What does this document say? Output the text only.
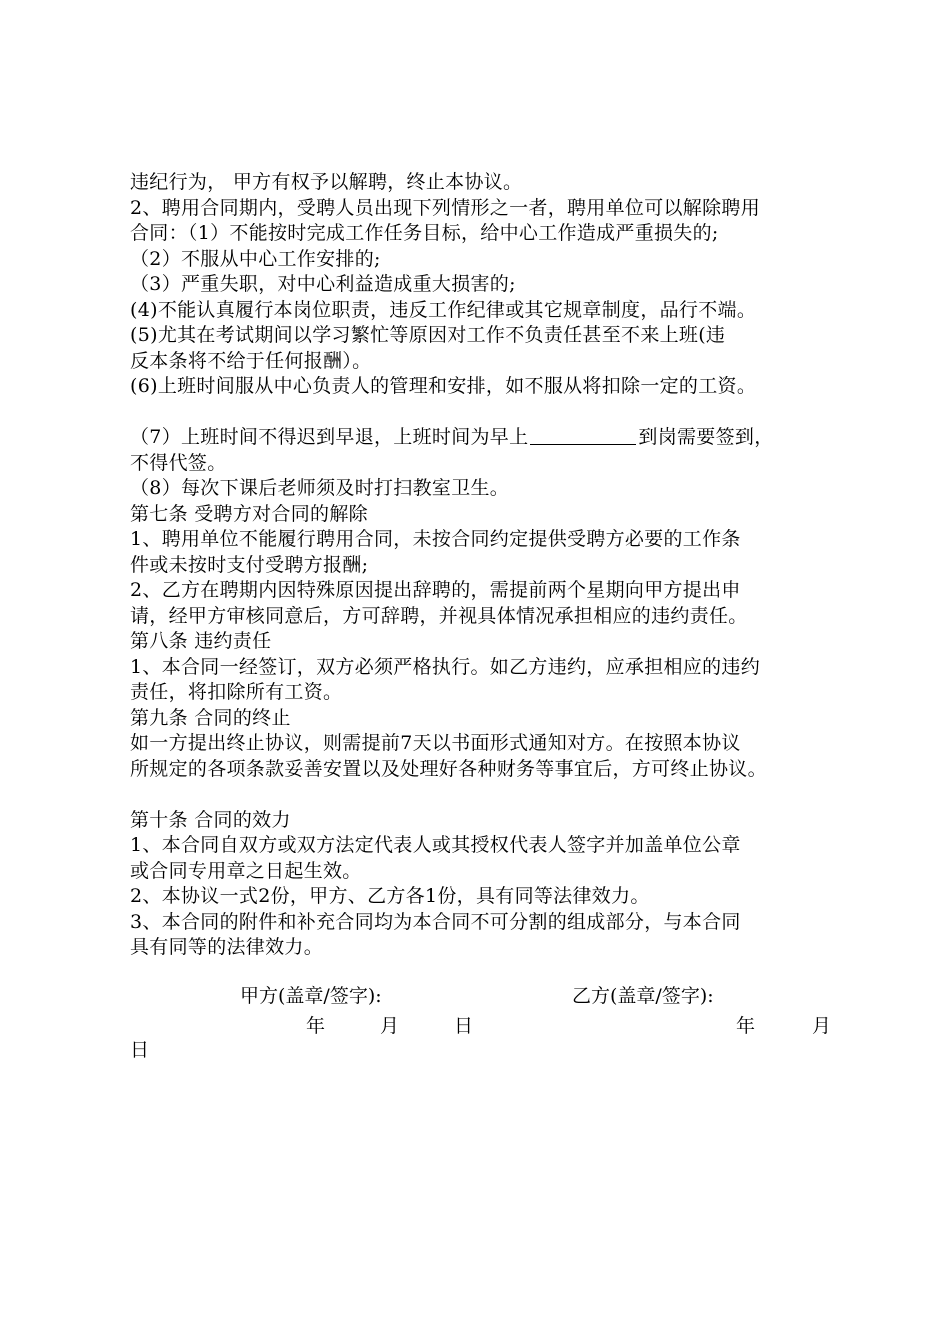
违纪行为， 甲方有权予以解聘，终止本协议。
2、聘用合同期内，受聘人员出现下列情形之一者，聘用单位可以解除聘用
合同：（1）不能按时完成工作任务目标，给中心工作造成严重损失的;
（2）不服从中心工作安排的;
（3）严重失职，对中心利益造成重大损害的;
(4)不能认真履行本岗位职责，违反工作纪律或其它规章制度，品行不端。
(5)尤其在考试期间以学习繁忙等原因对工作不负责任甚至不来上班(违
反本条将不给于任何报酬）。
(6)上班时间服从中心负责人的管理和安排，如不服从将扣除一定的工资。
（7）上班时间不得迟到早退，上班时间为早上	到岗需要签到，
不得代签。
（8）每次下课后老师须及时打扫教室卫生。
第七条 受聘方对合同的解除
1、聘用单位不能履行聘用合同，未按合同约定提供受聘方必要的工作条
件或未按时支付受聘方报酬;
2、乙方在聘期内因特殊原因提出辞聘的，需提前两个星期向甲方提出申
请，经甲方审核同意后，方可辞聘，并视具体情况承担相应的违约责任。
第八条 违约责任
1、本合同一经签订，双方必须严格执行。如乙方违约，应承担相应的违约
责任，将扣除所有工资。
第九条 合同的终止
如一方提出终止协议，则需提前7天以书面形式通知对方。在按照本协议
所规定的各项条款妥善安置以及处理好各种财务等事宜后，方可终止协议。
第十条 合同的效力
1、本合同自双方或双方法定代表人或其授权代表人签字并加盖单位公章
或合同专用章之日起生效。
2、本协议一式2份，甲方、乙方各1份，具有同等法律效力。
3、本合同的附件和补充合同均为本合同不可分割的组成部分，与本合同
具有同等的法律效力。
甲方(盖章/签字):	乙方(盖章/签字):
年	月	日	年	月
日
